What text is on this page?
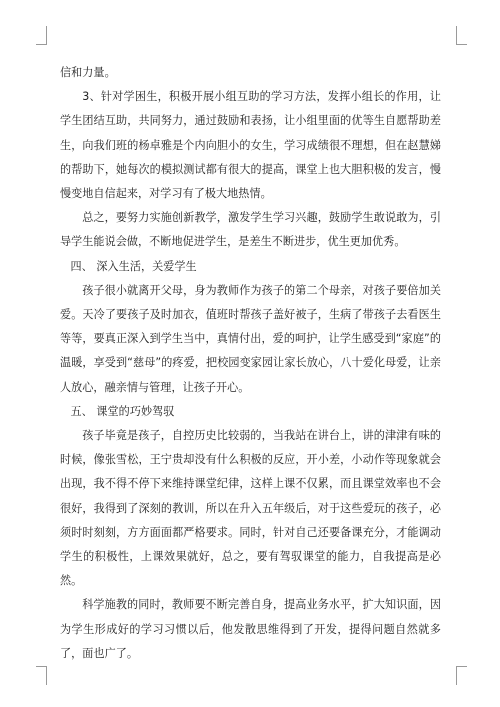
信和力量。

3、针对学困生，积极开展小组互助的学习方法，发挥小组长的作用，让学生团结互助，共同努力，通过鼓励和表扬，让小组里面的优等生自愿帮助差生，向我们班的杨卓雅是个内向胆小的女生，学习成绩很不理想，但在赵慧娣的帮助下，她每次的模拟测试都有很大的提高，课堂上也大胆积极的发言，慢慢变地自信起来，对学习有了极大地热情。

总之，要努力实施创新教学，激发学生学习兴趣，鼓励学生敢说敢为，引导学生能说会做，不断地促进学生，是差生不断进步，优生更加优秀。

四、 深入生活，关爱学生

孩子很小就离开父母，身为教师作为孩子的第二个母亲，对孩子要倍加关爱。天冷了要孩子及时加衣，值班时帮孩子盖好被子，生病了带孩子去看医生等等，要真正深入到学生当中，真情付出，爱的呵护，让学生感受到“家庭”的温暖，享受到“慈母”的疼爱，把校园变家园让家长放心，八十爱化母爱，让亲人放心，融亲情与管理，让孩子开心。

五、 课堂的巧妙驾驭

孩子毕竟是孩子，自控历史比较弱的，当我站在讲台上，讲的津津有味的时候，像张雪松，王宁贵却没有什么积极的反应，开小差，小动作等现象就会出现，我不得不停下来维持课堂纪律，这样上课不仅累，而且课堂效率也不会很好，我得到了深刻的教训，所以在升入五年级后，对于这些爱玩的孩子，必须时时刻刻，方方面面都严格要求。同时，针对自己还要备课充分，才能调动学生的积极性，上课效果就好，总之，要有驾驭课堂的能力，自我提高是必然。

科学施教的同时，教师要不断完善自身，提高业务水平，扩大知识面，因为学生形成好的学习习惯以后，他发散思维得到了开发，提得问题自然就多了，面也广了。
